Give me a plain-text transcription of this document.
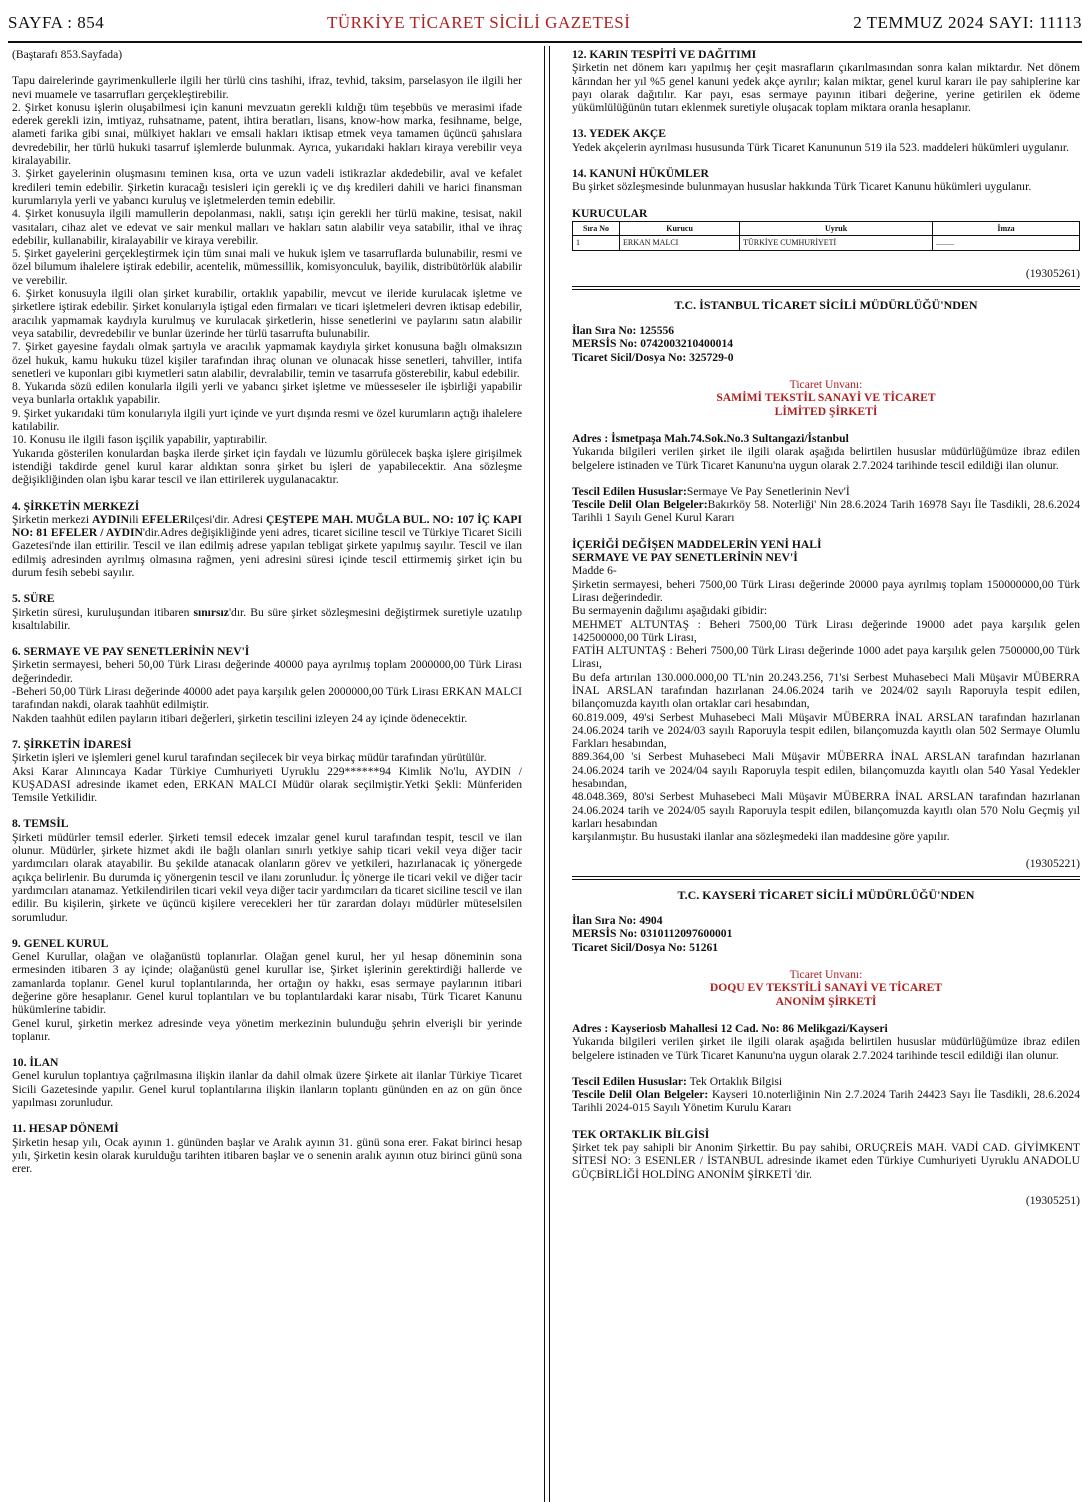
SAYFA : 854	TÜRKİYE TİCARET SİCİLİ GAZETESİ	2 TEMMUZ 2024 SAYI: 11113

(Baştarafı 853.Sayfada)

Tapu dairelerinde gayrimenkullerle ilgili her türlü cins tashihi, ifraz, tevhid, taksim, parselasyon ile ilgili her nevi muamele ve tasarrufları gerçekleştirebilir.

2. Şirket konusu işlerin oluşabilmesi için kanuni mevzuatın gerekli kıldığı tüm teşebbüs ve merasimi ifade ederek gerekli izin, imtiyaz, ruhsatname, patent, ihtira beratları, lisans, know-how marka, fesihname, belge, alameti farika gibi sınai, mülkiyet hakları ve emsali hakları iktisap etmek veya tamamen üçüncü şahıslara devredebilir, her türlü hukuki tasarruf işlemlerde bulunmak. Ayrıca, yukarıdaki hakları kiraya verebilir veya kiralayabilir.

3. Şirket gayelerinin oluşmasını teminen kısa, orta ve uzun vadeli istikrazlar akdedebilir, aval ve kefalet kredileri temin edebilir. Şirketin kuracağı tesisleri için gerekli iç ve dış kredileri dahili ve harici finansman kurumlarıyla yerli ve yabancı kuruluş ve işletmelerden temin edebilir.

4. Şirket konusuyla ilgili mamullerin depolanması, nakli, satışı için gerekli her türlü makine, tesisat, nakil vasıtaları, cihaz alet ve edevat ve sair menkul malları ve hakları satın alabilir veya satabilir, ithal ve ihraç edebilir, kullanabilir, kiralayabilir ve kiraya verebilir.

5. Şirket gayelerini gerçekleştirmek için tüm sınai mali ve hukuk işlem ve tasarruflarda bulunabilir, resmi ve özel bilumum ihalelere iştirak edebilir, acentelik, mümessillik, komisyonculuk, bayilik, distribütörlük alabilir ve verebilir.

6. Şirket konusuyla ilgili olan şirket kurabilir, ortaklık yapabilir, mevcut ve ileride kurulacak işletme ve şirketlere iştirak edebilir. Şirket konularıyla iştigal eden firmaları ve ticari işletmeleri devren iktisap edebilir, aracılık yapmamak kaydıyla kurulmuş ve kurulacak şirketlerin, hisse senetlerini ve paylarını satın alabilir veya satabilir, devredebilir ve bunlar üzerinde her türlü tasarrufta bulunabilir.

7. Şirket gayesine faydalı olmak şartıyla ve aracılık yapmamak kaydıyla şirket konusuna bağlı olmaksızın özel hukuk, kamu hukuku tüzel kişiler tarafından ihraç olunan ve olunacak hisse senetleri, tahviller, intifa senetleri ve kuponları gibi kıymetleri satın alabilir, devralabilir, temin ve tasarrufa gösterebilir, kabul edebilir.

8. Yukarıda sözü edilen konularla ilgili yerli ve yabancı şirket işletme ve müesseseler ile işbirliği yapabilir veya bunlarla ortaklık yapabilir.

9. Şirket yukarıdaki tüm konularıyla ilgili yurt içinde ve yurt dışında resmi ve özel kurumların açtığı ihalelere katılabilir.

10. Konusu ile ilgili fason işçilik yapabilir, yaptırabilir.

Yukarıda gösterilen konulardan başka ilerde şirket için faydalı ve lüzumlu görülecek başka işlere girişilmek istendiği takdirde genel kurul karar aldıktan sonra şirket bu işleri de yapabilecektir. Ana sözleşme değişikliğinden olan işbu karar tescil ve ilan ettirilerek uygulanacaktır.

4. ŞİRKETİN MERKEZİ

Şirketin merkezi AYDINili EFELERilçesi'dir. Adresi ÇEŞTEPE MAH. MUĞLA BUL. NO: 107 İÇ KAPI NO: 81 EFELER / AYDIN'dir.Adres değişikliğinde yeni adres, ticaret siciline tescil ve Türkiye Ticaret Sicili Gazetesi'nde ilan ettirilir. Tescil ve ilan edilmiş adrese yapılan tebligat şirkete yapılmış sayılır. Tescil ve ilan edilmiş adresinden ayrılmış olmasına rağmen, yeni adresini süresi içinde tescil ettirmemiş şirket için bu durum fesih sebebi sayılır.

5. SÜRE

Şirketin süresi, kuruluşundan itibaren sınırsız'dır. Bu süre şirket sözleşmesini değiştirmek suretiyle uzatılıp kısaltılabilir.

6. SERMAYE VE PAY SENETLERİNİN NEV'İ

Şirketin sermayesi, beheri 50,00 Türk Lirası değerinde 40000 paya ayrılmış toplam 2000000,00 Türk Lirası değerindedir.

-Beheri 50,00 Türk Lirası değerinde 40000 adet paya karşılık gelen 2000000,00 Türk Lirası ERKAN MALCI tarafından nakdi, olarak taahhüt edilmiştir.

Nakden taahhüt edilen payların itibari değerleri, şirketin tescilini izleyen 24 ay içinde ödenecektir.

7. ŞİRKETİN İDARESİ

Şirketin işleri ve işlemleri genel kurul tarafından seçilecek bir veya birkaç müdür tarafından yürütülür.

Aksi Karar Alınıncaya Kadar Türkiye Cumhuriyeti Uyruklu 229******94 Kimlik No'lu, AYDIN / KUŞADASI adresinde ikamet eden, ERKAN MALCI Müdür olarak seçilmiştir.Yetki Şekli: Münferiden Temsile Yetkilidir.

8. TEMSİL

Şirketi müdürler temsil ederler. Şirketi temsil edecek imzalar genel kurul tarafından tespit, tescil ve ilan olunur. Müdürler, şirkete hizmet akdi ile bağlı olanları sınırlı yetkiye sahip ticari vekil veya diğer tacir yardımcıları olarak atayabilir. Bu şekilde atanacak olanların görev ve yetkileri, hazırlanacak iç yönergede açıkça belirlenir. Bu durumda iç yönergenin tescil ve ilanı zorunludur. İç yönerge ile ticari vekil ve diğer tacir yardımcıları atanamaz. Yetkilendirilen ticari vekil veya diğer tacir yardımcıları da ticaret siciline tescil ve ilan edilir. Bu kişilerin, şirkete ve üçüncü kişilere verecekleri her tür zarardan dolayı müdürler müteselsilen sorumludur.

9. GENEL KURUL

Genel Kurullar, olağan ve olağanüstü toplanırlar. Olağan genel kurul, her yıl hesap döneminin sona ermesinden itibaren 3 ay içinde; olağanüstü genel kurullar ise, Şirket işlerinin gerektirdiği hallerde ve zamanlarda toplanır. Genel kurul toplantılarında, her ortağın oy hakkı, esas sermaye paylarının itibari değerine göre hesaplanır. Genel kurul toplantıları ve bu toplantılardaki karar nisabı, Türk Ticaret Kanunu hükümlerine tabidir.

Genel kurul, şirketin merkez adresinde veya yönetim merkezinin bulunduğu şehrin elverişli bir yerinde toplanır.

10. İLAN

Genel kurulun toplantıya çağrılmasına ilişkin ilanlar da dahil olmak üzere Şirkete ait ilanlar Türkiye Ticaret Sicili Gazetesinde yapılır. Genel kurul toplantılarına ilişkin ilanların toplantı gününden en az on gün önce yapılması zorunludur.

11. HESAP DÖNEMİ

Şirketin hesap yılı, Ocak ayının 1. gününden başlar ve Aralık ayının 31. günü sona erer. Fakat birinci hesap yılı, Şirketin kesin olarak kurulduğu tarihten itibaren başlar ve o senenin aralık ayının otuz birinci günü sona erer.

12. KARIN TESPİTİ VE DAĞITIMI

Şirketin net dönem karı yapılmış her çeşit masrafların çıkarılmasından sonra kalan miktardır. Net dönem kârından her yıl %5 genel kanuni yedek akçe ayrılır; kalan miktar, genel kurul kararı ile pay sahiplerine kar payı olarak dağıtılır. Kar payı, esas sermaye payının itibari değerine, yerine getirilen ek ödeme yükümlülüğünün tutarı eklenmek suretiyle oluşacak toplam miktara oranla hesaplanır.

13. YEDEK AKÇE

Yedek akçelerin ayrılması hususunda Türk Ticaret Kanununun 519 ila 523. maddeleri hükümleri uygulanır.

14. KANUNİ HÜKÜMLER

Bu şirket sözleşmesinde bulunmayan hususlar hakkında Türk Ticaret Kanunu hükümleri uygulanır.

KURUCULAR

Sıra No	Kurucu	Uyruk	İmza
1	ERKAN MALCI	TÜRKİYE CUMHURİYETİ	.........

(19305261)

T.C. İSTANBUL TİCARET SİCİLİ MÜDÜRLÜĞÜ'NDEN

İlan Sıra No: 125556

MERSİS No: 0742003210400014

Ticaret Sicil/Dosya No: 325729-0

Ticaret Unvanı:

SAMİMİ TEKSTİL SANAYİ VE TİCARET

LİMİTED ŞİRKETİ

Adres : İsmetpaşa Mah.74.Sok.No.3 Sultangazi/İstanbul

Yukarıda bilgileri verilen şirket ile ilgili olarak aşağıda belirtilen hususlar müdürlüğümüze ibraz edilen belgelere istinaden ve Türk Ticaret Kanunu'na uygun olarak 2.7.2024 tarihinde tescil edildiği ilan olunur.

Tescil Edilen Hususlar:Sermaye Ve Pay Senetlerinin Nev'İ

Tescile Delil Olan Belgeler:Bakırköy 58. Noterliği' Nin 28.6.2024 Tarih 16978 Sayı İle Tasdikli, 28.6.2024 Tarihli 1 Sayılı Genel Kurul Kararı

İÇERİĞİ DEĞİŞEN MADDELERİN YENİ HALİ

SERMAYE VE PAY SENETLERİNİN NEV'İ

Madde 6-

Şirketin sermayesi, beheri 7500,00 Türk Lirası değerinde 20000 paya ayrılmış toplam 150000000,00 Türk Lirası değerindedir.

Bu sermayenin dağılımı aşağıdaki gibidir:

MEHMET ALTUNTAŞ : Beheri 7500,00 Türk Lirası değerinde 19000 adet paya karşılık gelen 142500000,00 Türk Lirası,

FATİH ALTUNTAŞ : Beheri 7500,00 Türk Lirası değerinde 1000 adet paya karşılık gelen 7500000,00 Türk Lirası,

Bu defa artırılan 130.000.000,00 TL'nin 20.243.256, 71'si Serbest Muhasebeci Mali Müşavir MÜBERRA İNAL ARSLAN tarafından hazırlanan 24.06.2024 tarih ve 2024/02 sayılı Raporuyla tespit edilen, bilançomuzda kayıtlı olan ortaklar cari hesabından,

60.819.009, 49'si Serbest Muhasebeci Mali Müşavir MÜBERRA İNAL ARSLAN tarafından hazırlanan 24.06.2024 tarih ve 2024/03 sayılı Raporuyla tespit edilen, bilançomuzda kayıtlı olan 502 Sermaye Olumlu Farkları hesabından,

889.364,00 'si Serbest Muhasebeci Mali Müşavir MÜBERRA İNAL ARSLAN tarafından hazırlanan 24.06.2024 tarih ve 2024/04 sayılı Raporuyla tespit edilen, bilançomuzda kayıtlı olan 540 Yasal Yedekler hesabından,

48.048.369, 80'si Serbest Muhasebeci Mali Müşavir MÜBERRA İNAL ARSLAN tarafından hazırlanan 24.06.2024 tarih ve 2024/05 sayılı Raporuyla tespit edilen, bilançomuzda kayıtlı olan 570 Nolu Geçmiş yıl karları hesabından

karşılanmıştır. Bu husustaki ilanlar ana sözleşmedeki ilan maddesine göre yapılır.

(19305221)

T.C. KAYSERİ TİCARET SİCİLİ MÜDÜRLÜĞÜ'NDEN

İlan Sıra No: 4904

MERSİS No: 0310112097600001

Ticaret Sicil/Dosya No: 51261

Ticaret Unvanı:

DOQU EV TEKSTİLİ SANAYİ VE TİCARET

ANONİM ŞİRKETİ

Adres : Kayseriosb Mahallesi 12 Cad. No: 86 Melikgazi/Kayseri

Yukarıda bilgileri verilen şirket ile ilgili olarak aşağıda belirtilen hususlar müdürlüğümüze ibraz edilen belgelere istinaden ve Türk Ticaret Kanunu'na uygun olarak 2.7.2024 tarihinde tescil edildiği ilan olunur.

Tescil Edilen Hususlar: Tek Ortaklık Bilgisi

Tescile Delil Olan Belgeler: Kayseri 10.noterliğinin Nin 2.7.2024 Tarih 24423 Sayı İle Tasdikli, 28.6.2024 Tarihli 2024-015 Sayılı Yönetim Kurulu Kararı

TEK ORTAKLIK BİLGİSİ

Şirket tek pay sahipli bir Anonim Şirkettir. Bu pay sahibi, ORUÇREİS MAH. VADİ CAD. GİYİMKENT SİTESİ NO: 3 ESENLER / İSTANBUL adresinde ikamet eden Türkiye Cumhuriyeti Uyruklu ANADOLU GÜÇBİRLİĞİ HOLDİNG ANONİM ŞİRKETİ 'dir.

(19305251)
